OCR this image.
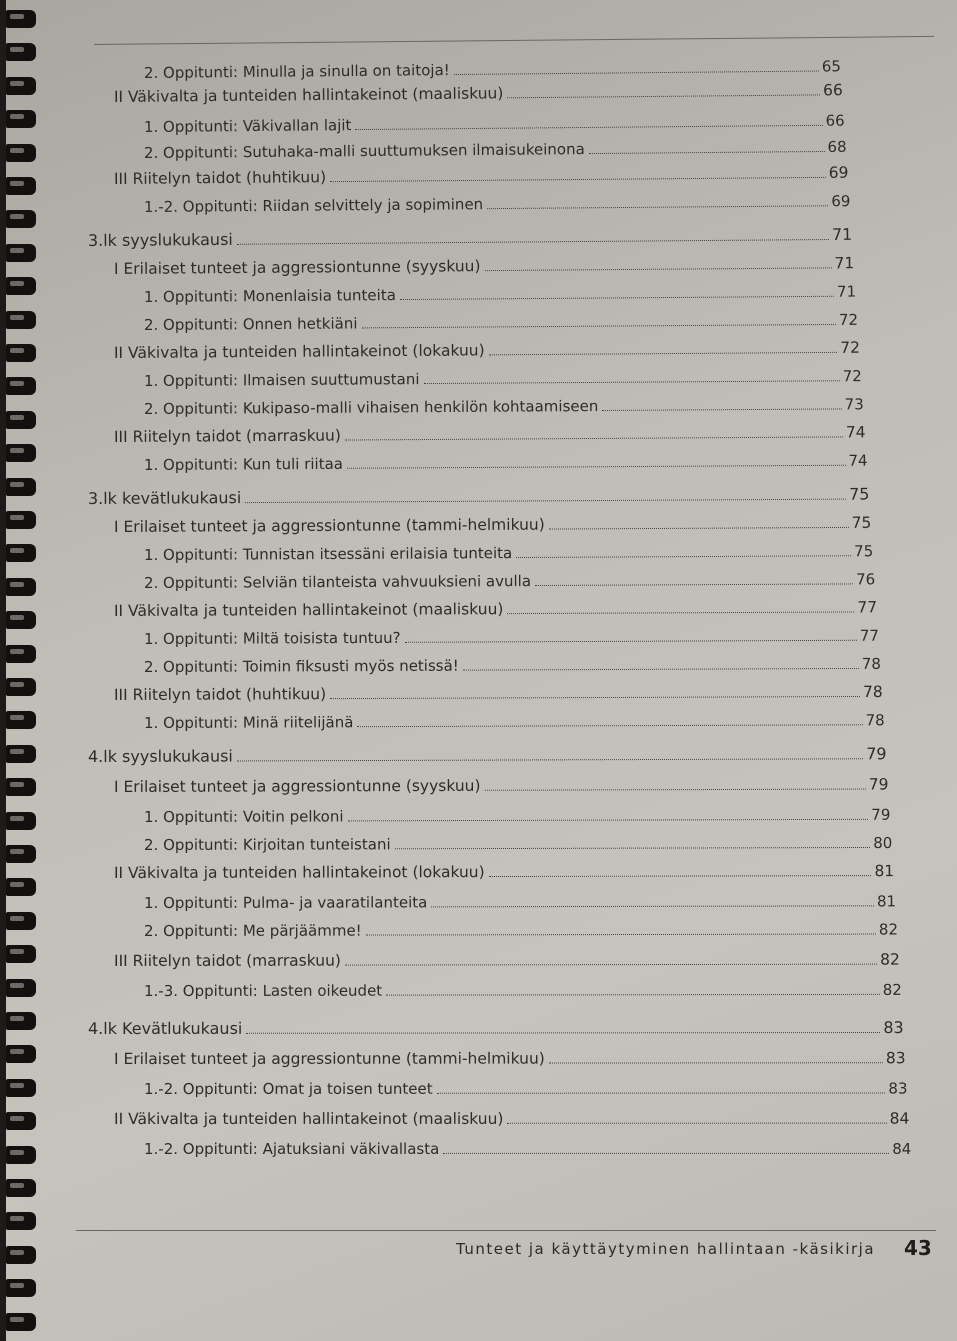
2. Oppitunti: Minulla ja sinulla on taitoja!	65
II Väkivalta ja tunteiden hallintakeinot (maaliskuu)	66
1. Oppitunti: Väkivallan lajit	66
2. Oppitunti: Sutuhaka-malli suuttumuksen ilmaisukeinona	68
III Riitelyn taidot (huhtikuu)	69
1.-2. Oppitunti: Riidan selvittely ja sopiminen	69
3.lk syyslukukausi	71
I Erilaiset tunteet ja aggressiontunne (syyskuu)	71
1. Oppitunti: Monenlaisia tunteita	71
2. Oppitunti: Onnen hetkiäni	72
II Väkivalta ja tunteiden hallintakeinot (lokakuu)	72
1. Oppitunti: Ilmaisen suuttumustani	72
2. Oppitunti: Kukipaso-malli vihaisen henkilön kohtaamiseen	73
III Riitelyn taidot (marraskuu)	74
1. Oppitunti: Kun tuli riitaa	74
3.lk kevätlukukausi	75
I Erilaiset tunteet ja aggressiontunne (tammi-helmikuu)	75
1. Oppitunti: Tunnistan itsessäni erilaisia tunteita	75
2. Oppitunti: Selviän tilanteista vahvuuksieni avulla	76
II Väkivalta ja tunteiden hallintakeinot (maaliskuu)	77
1. Oppitunti: Miltä toisista tuntuu?	77
2. Oppitunti: Toimin fiksusti myös netissä!	78
III Riitelyn taidot (huhtikuu)	78
1. Oppitunti: Minä riitelijänä	78
4.lk syyslukukausi	79
I Erilaiset tunteet ja aggressiontunne (syyskuu)	79
1. Oppitunti: Voitin pelkoni	79
2. Oppitunti: Kirjoitan tunteistani	80
II Väkivalta ja tunteiden hallintakeinot (lokakuu)	81
1. Oppitunti: Pulma- ja vaaratilanteita	81
2. Oppitunti: Me pärjäämme!	82
III Riitelyn taidot (marraskuu)	82
1.-3. Oppitunti: Lasten oikeudet	82
4.lk Kevätlukukausi	83
I Erilaiset tunteet ja aggressiontunne (tammi-helmikuu)	83
1.-2. Oppitunti: Omat ja toisen tunteet	83
II Väkivalta ja tunteiden hallintakeinot (maaliskuu)	84
1.-2. Oppitunti: Ajatuksiani väkivallasta	84
Tunteet ja käyttäytyminen hallintaan -käsikirja 43
